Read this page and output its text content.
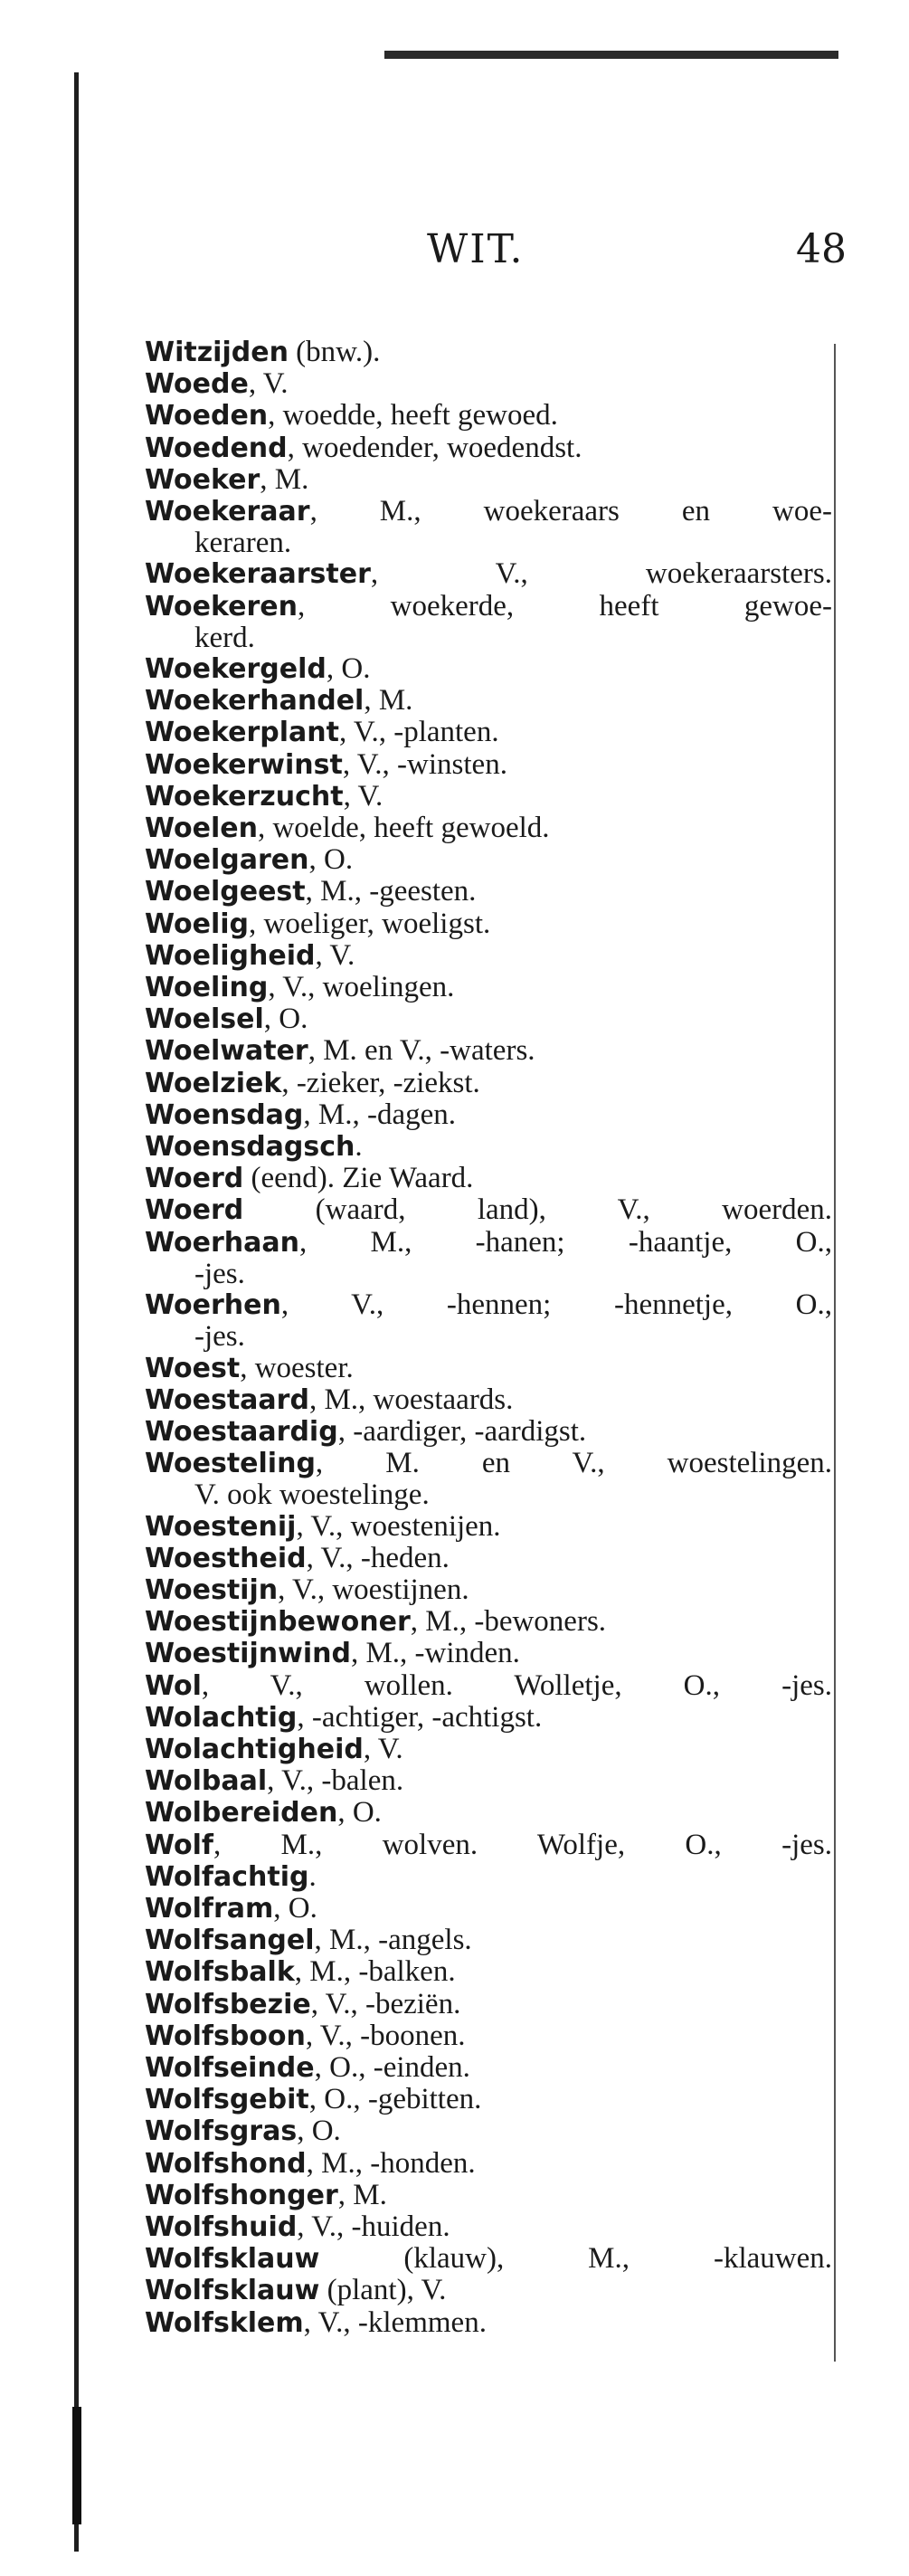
WIT.	48
Witzijden (bnw.).
Woede, V.
Woeden, woedde, heeft gewoed.
Woedend, woedender, woedendst.
Woeker, M.
Woekeraar, M., woekeraars en woe-
keraren.
Woekeraarster, V., woekeraarsters.
Woekeren, woekerde, heeft gewoe-
kerd.
Woekergeld, O.
Woekerhandel, M.
Woekerplant, V., -planten.
Woekerwinst, V., -winsten.
Woekerzucht, V.
Woelen, woelde, heeft gewoeld.
Woelgaren, O.
Woelgeest, M., -geesten.
Woelig, woeliger, woeligst.
Woeligheid, V.
Woeling, V., woelingen.
Woelsel, O.
Woelwater, M. en V., -waters.
Woelziek, -zieker, -ziekst.
Woensdag, M., -dagen.
Woensdagsch.
Woerd (eend). Zie Waard.
Woerd (waard, land), V., woerden.
Woerhaan, M., -hanen; -haantje, O.,
-jes.
Woerhen, V., -hennen; -hennetje, O.,
-jes.
Woest, woester.
Woestaard, M., woestaards.
Woestaardig, -aardiger, -aardigst.
Woesteling, M. en V., woestelingen.
V. ook woestelinge.
Woestenij, V., woestenijen.
Woestheid, V., -heden.
Woestijn, V., woestijnen.
Woestijnbewoner, M., -bewoners.
Woestijnwind, M., -winden.
Wol, V., wollen. Wolletje, O., -jes.
Wolachtig, -achtiger, -achtigst.
Wolachtigheid, V.
Wolbaal, V., -balen.
Wolbereiden, O.
Wolf, M., wolven. Wolfje, O., -jes.
Wolfachtig.
Wolfram, O.
Wolfsangel, M., -angels.
Wolfsbalk, M., -balken.
Wolfsbezie, V., -beziën.
Wolfsboon, V., -boonen.
Wolfseinde, O., -einden.
Wolfsgebit, O., -gebitten.
Wolfsgras, O.
Wolfshond, M., -honden.
Wolfshonger, M.
Wolfshuid, V., -huiden.
Wolfsklauw (klauw), M., -klauwen.
Wolfsklauw (plant), V.
Wolfsklem, V., -klemmen.
